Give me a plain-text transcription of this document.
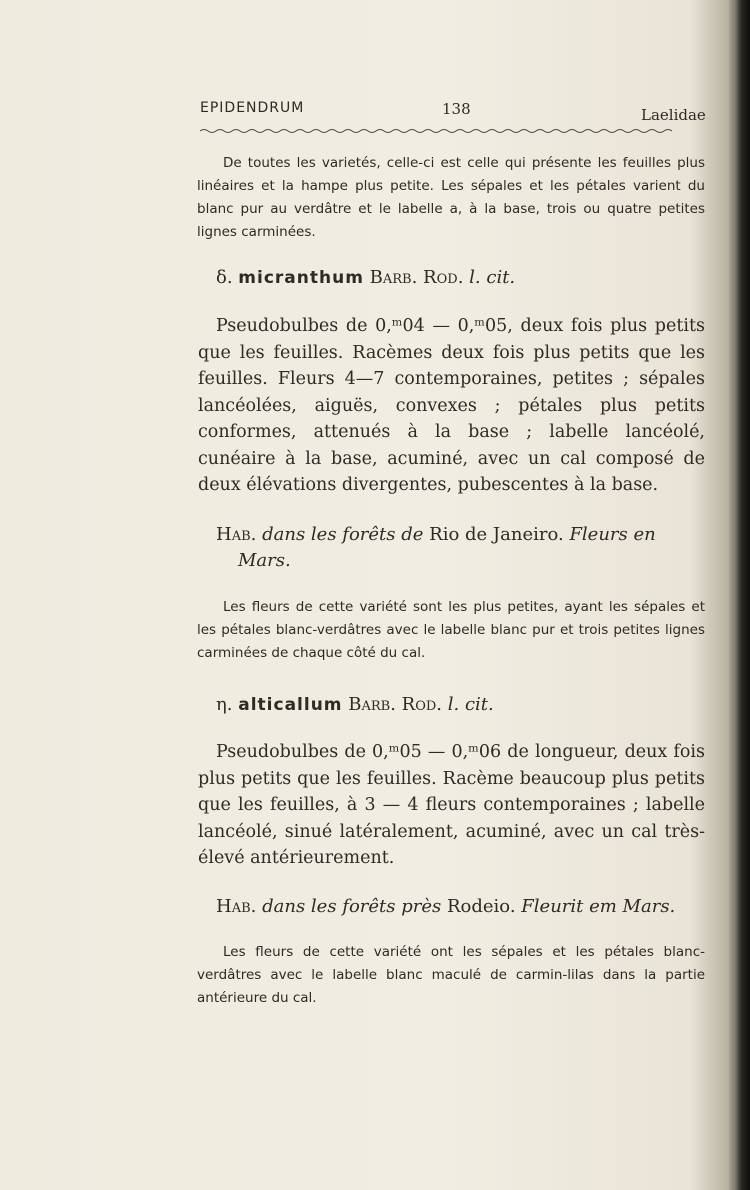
EPIDENDRUM	138	Laelidae

De toutes les varietés, celle-ci est celle qui présente les feuilles plus linéaires et la hampe plus petite. Les sépales et les pétales varient du blanc pur au verdâtre et le labelle a, à la base, trois ou quatre petites lignes carminées.

δ. micranthum Barb. Rod. l. cit.

Pseudobulbes de 0,ᵐ04 — 0,ᵐ05, deux fois plus petits que les feuilles. Racèmes deux fois plus petits que les feuilles. Fleurs 4—7 contemporaines, petites ; sépales lancéolées, aiguës, convexes ; pétales plus petits conformes, attenués à la base ; labelle lancéolé, cunéaire à la base, acuminé, avec un cal composé de deux élévations divergentes, pubescentes à la base.

Hab. dans les forêts de Rio de Janeiro. Fleurs en
Mars.

Les fleurs de cette variété sont les plus petites, ayant les sépales et les pétales blanc-verdâtres avec le labelle blanc pur et trois petites lignes carminées de chaque côté du cal.

η. alticallum Barb. Rod. l. cit.

Pseudobulbes de 0,ᵐ05 — 0,ᵐ06 de longueur, deux fois plus petits que les feuilles. Racème beaucoup plus petits que les feuilles, à 3 — 4 fleurs contemporaines ; labelle lancéolé, sinué latéralement, acuminé, avec un cal très-élevé antérieurement.

Hab. dans les forêts près Rodeio. Fleurit em Mars.

Les fleurs de cette variété ont les sépales et les pétales blanc-verdâtres avec le labelle blanc maculé de carmin-lilas dans la partie antérieure du cal.
